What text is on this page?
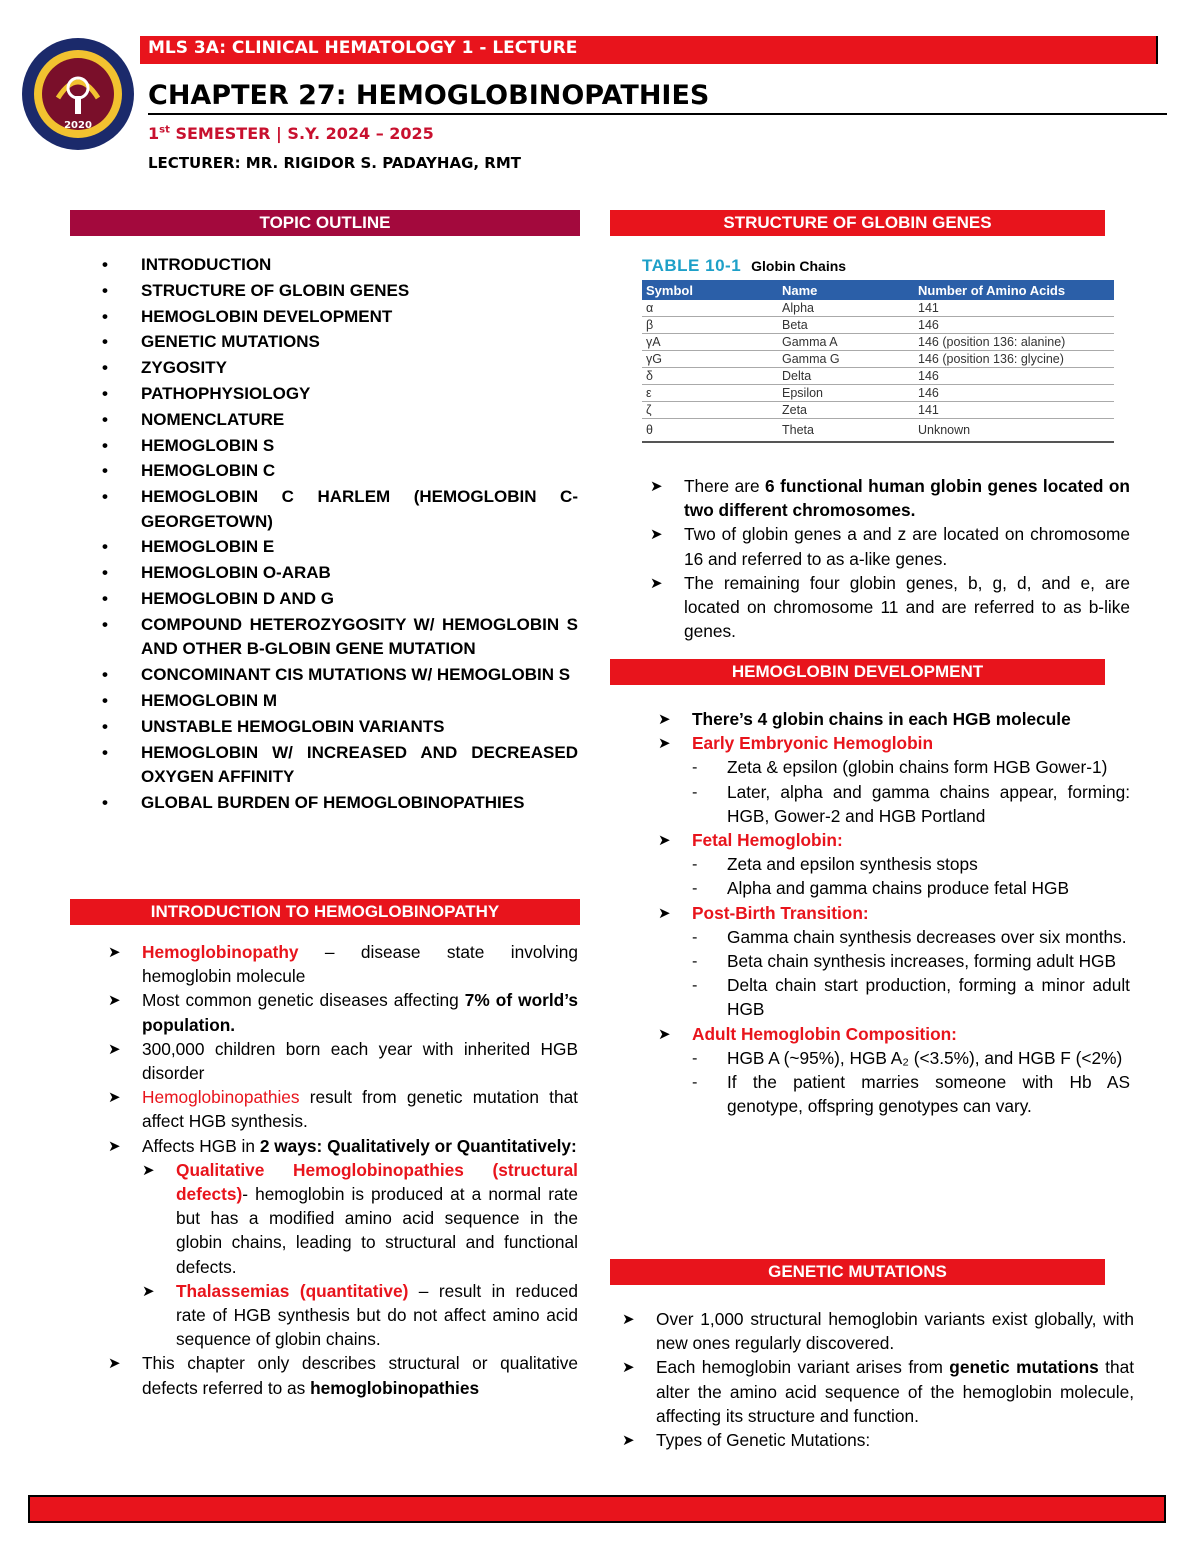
2020
MLS 3A: CLINICAL HEMATOLOGY 1 - LECTURE
CHAPTER 27: HEMOGLOBINOPATHIES
1st SEMESTER | S.Y. 2024 – 2025
LECTURER: MR. RIGIDOR S. PADAYHAG, RMT
TOPIC OUTLINE
• INTRODUCTION
• STRUCTURE OF GLOBIN GENES
• HEMOGLOBIN DEVELOPMENT
• GENETIC MUTATIONS
• ZYGOSITY
• PATHOPHYSIOLOGY
• NOMENCLATURE
• HEMOGLOBIN S
• HEMOGLOBIN C
• HEMOGLOBIN C HARLEM (HEMOGLOBIN C-GEORGETOWN)
• HEMOGLOBIN E
• HEMOGLOBIN O-ARAB
• HEMOGLOBIN D AND G
• COMPOUND HETEROZYGOSITY W/ HEMOGLOBIN S AND OTHER B-GLOBIN GENE MUTATION
• CONCOMINANT CIS MUTATIONS W/ HEMOGLOBIN S
• HEMOGLOBIN M
• UNSTABLE HEMOGLOBIN VARIANTS
• HEMOGLOBIN W/ INCREASED AND DECREASED OXYGEN AFFINITY
• GLOBAL BURDEN OF HEMOGLOBINOPATHIES
INTRODUCTION TO HEMOGLOBINOPATHY
➤ Hemoglobinopathy – disease state involving hemoglobin molecule
➤ Most common genetic diseases affecting 7% of world’s population.
➤ 300,000 children born each year with inherited HGB disorder
➤ Hemoglobinopathies result from genetic mutation that affect HGB synthesis.
➤ Affects HGB in 2 ways: Qualitatively or Quantitatively:
➤ Qualitative Hemoglobinopathies (structural defects)- hemoglobin is produced at a normal rate but has a modified amino acid sequence in the globin chains, leading to structural and functional defects.
➤ Thalassemias (quantitative) – result in reduced rate of HGB synthesis but do not affect amino acid sequence of globin chains.
➤ This chapter only describes structural or qualitative defects referred to as hemoglobinopathies
STRUCTURE OF GLOBIN GENES
TABLE 10-1 Globin Chains
Symbol	Name	Number of Amino Acids
α	Alpha	141
β	Beta	146
γA	Gamma A	146 (position 136: alanine)
γG	Gamma G	146 (position 136: glycine)
δ	Delta	146
ε	Epsilon	146
ζ	Zeta	141
θ	Theta	Unknown
➤ There are 6 functional human globin genes located on two different chromosomes.
➤ Two of globin genes a and z are located on chromosome 16 and referred to as a-like genes.
➤ The remaining four globin genes, b, g, d, and e, are located on chromosome 11 and are referred to as b-like genes.
HEMOGLOBIN DEVELOPMENT
➤ There’s 4 globin chains in each HGB molecule
➤ Early Embryonic Hemoglobin
- Zeta & epsilon (globin chains form HGB Gower-1)
- Later, alpha and gamma chains appear, forming: HGB, Gower-2 and HGB Portland
➤ Fetal Hemoglobin:
- Zeta and epsilon synthesis stops
- Alpha and gamma chains produce fetal HGB
➤ Post-Birth Transition:
- Gamma chain synthesis decreases over six months.
- Beta chain synthesis increases, forming adult HGB
- Delta chain start production, forming a minor adult HGB
➤ Adult Hemoglobin Composition:
- HGB A (~95%), HGB A₂ (<3.5%), and HGB F (<2%)
- If the patient marries someone with Hb AS genotype, offspring genotypes can vary.
GENETIC MUTATIONS
➤ Over 1,000 structural hemoglobin variants exist globally, with new ones regularly discovered.
➤ Each hemoglobin variant arises from genetic mutations that alter the amino acid sequence of the hemoglobin molecule, affecting its structure and function.
➤ Types of Genetic Mutations:
